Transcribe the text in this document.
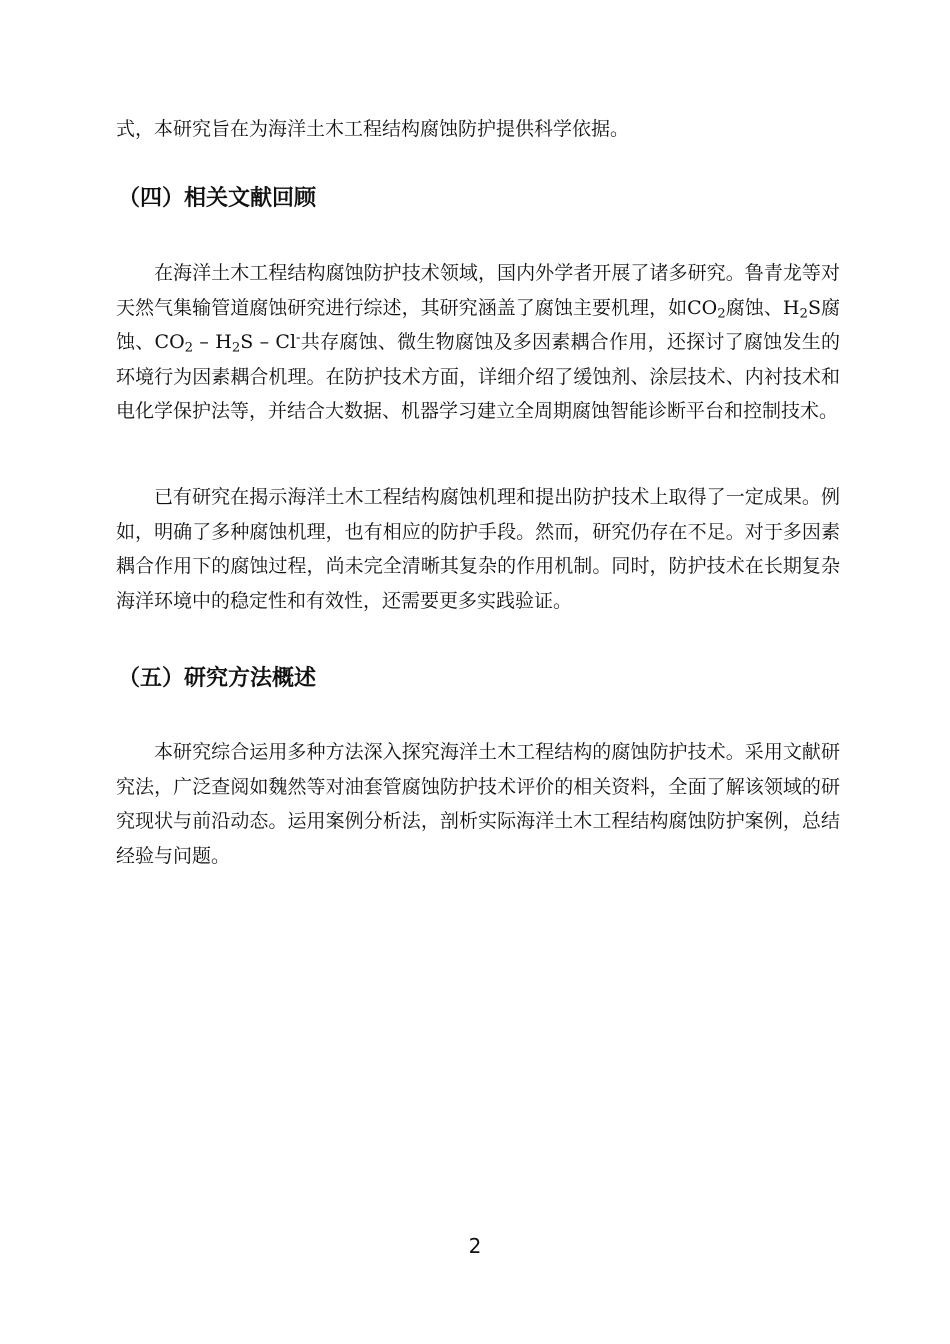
式，本研究旨在为海洋土木工程结构腐蚀防护提供科学依据。

（四）相关文献回顾

在海洋土木工程结构腐蚀防护技术领域，国内外学者开展了诸多研究。鲁青龙等对天然气集输管道腐蚀研究进行综述，其研究涵盖了腐蚀主要机理，如$CO_2$腐蚀、$H_2S$腐蚀、$CO_2 - H_2S - Cl^-$共存腐蚀、微生物腐蚀及多因素耦合作用，还探讨了腐蚀发生的环境行为因素耦合机理。在防护技术方面，详细介绍了缓蚀剂、涂层技术、内衬技术和电化学保护法等，并结合大数据、机器学习建立全周期腐蚀智能诊断平台和控制技术。

已有研究在揭示海洋土木工程结构腐蚀机理和提出防护技术上取得了一定成果。例如，明确了多种腐蚀机理，也有相应的防护手段。然而，研究仍存在不足。对于多因素耦合作用下的腐蚀过程，尚未完全清晰其复杂的作用机制。同时，防护技术在长期复杂海洋环境中的稳定性和有效性，还需要更多实践验证。

（五）研究方法概述

本研究综合运用多种方法深入探究海洋土木工程结构的腐蚀防护技术。采用文献研究法，广泛查阅如魏然等对油套管腐蚀防护技术评价的相关资料，全面了解该领域的研究现状与前沿动态。运用案例分析法，剖析实际海洋土木工程结构腐蚀防护案例，总结经验与问题。

2
